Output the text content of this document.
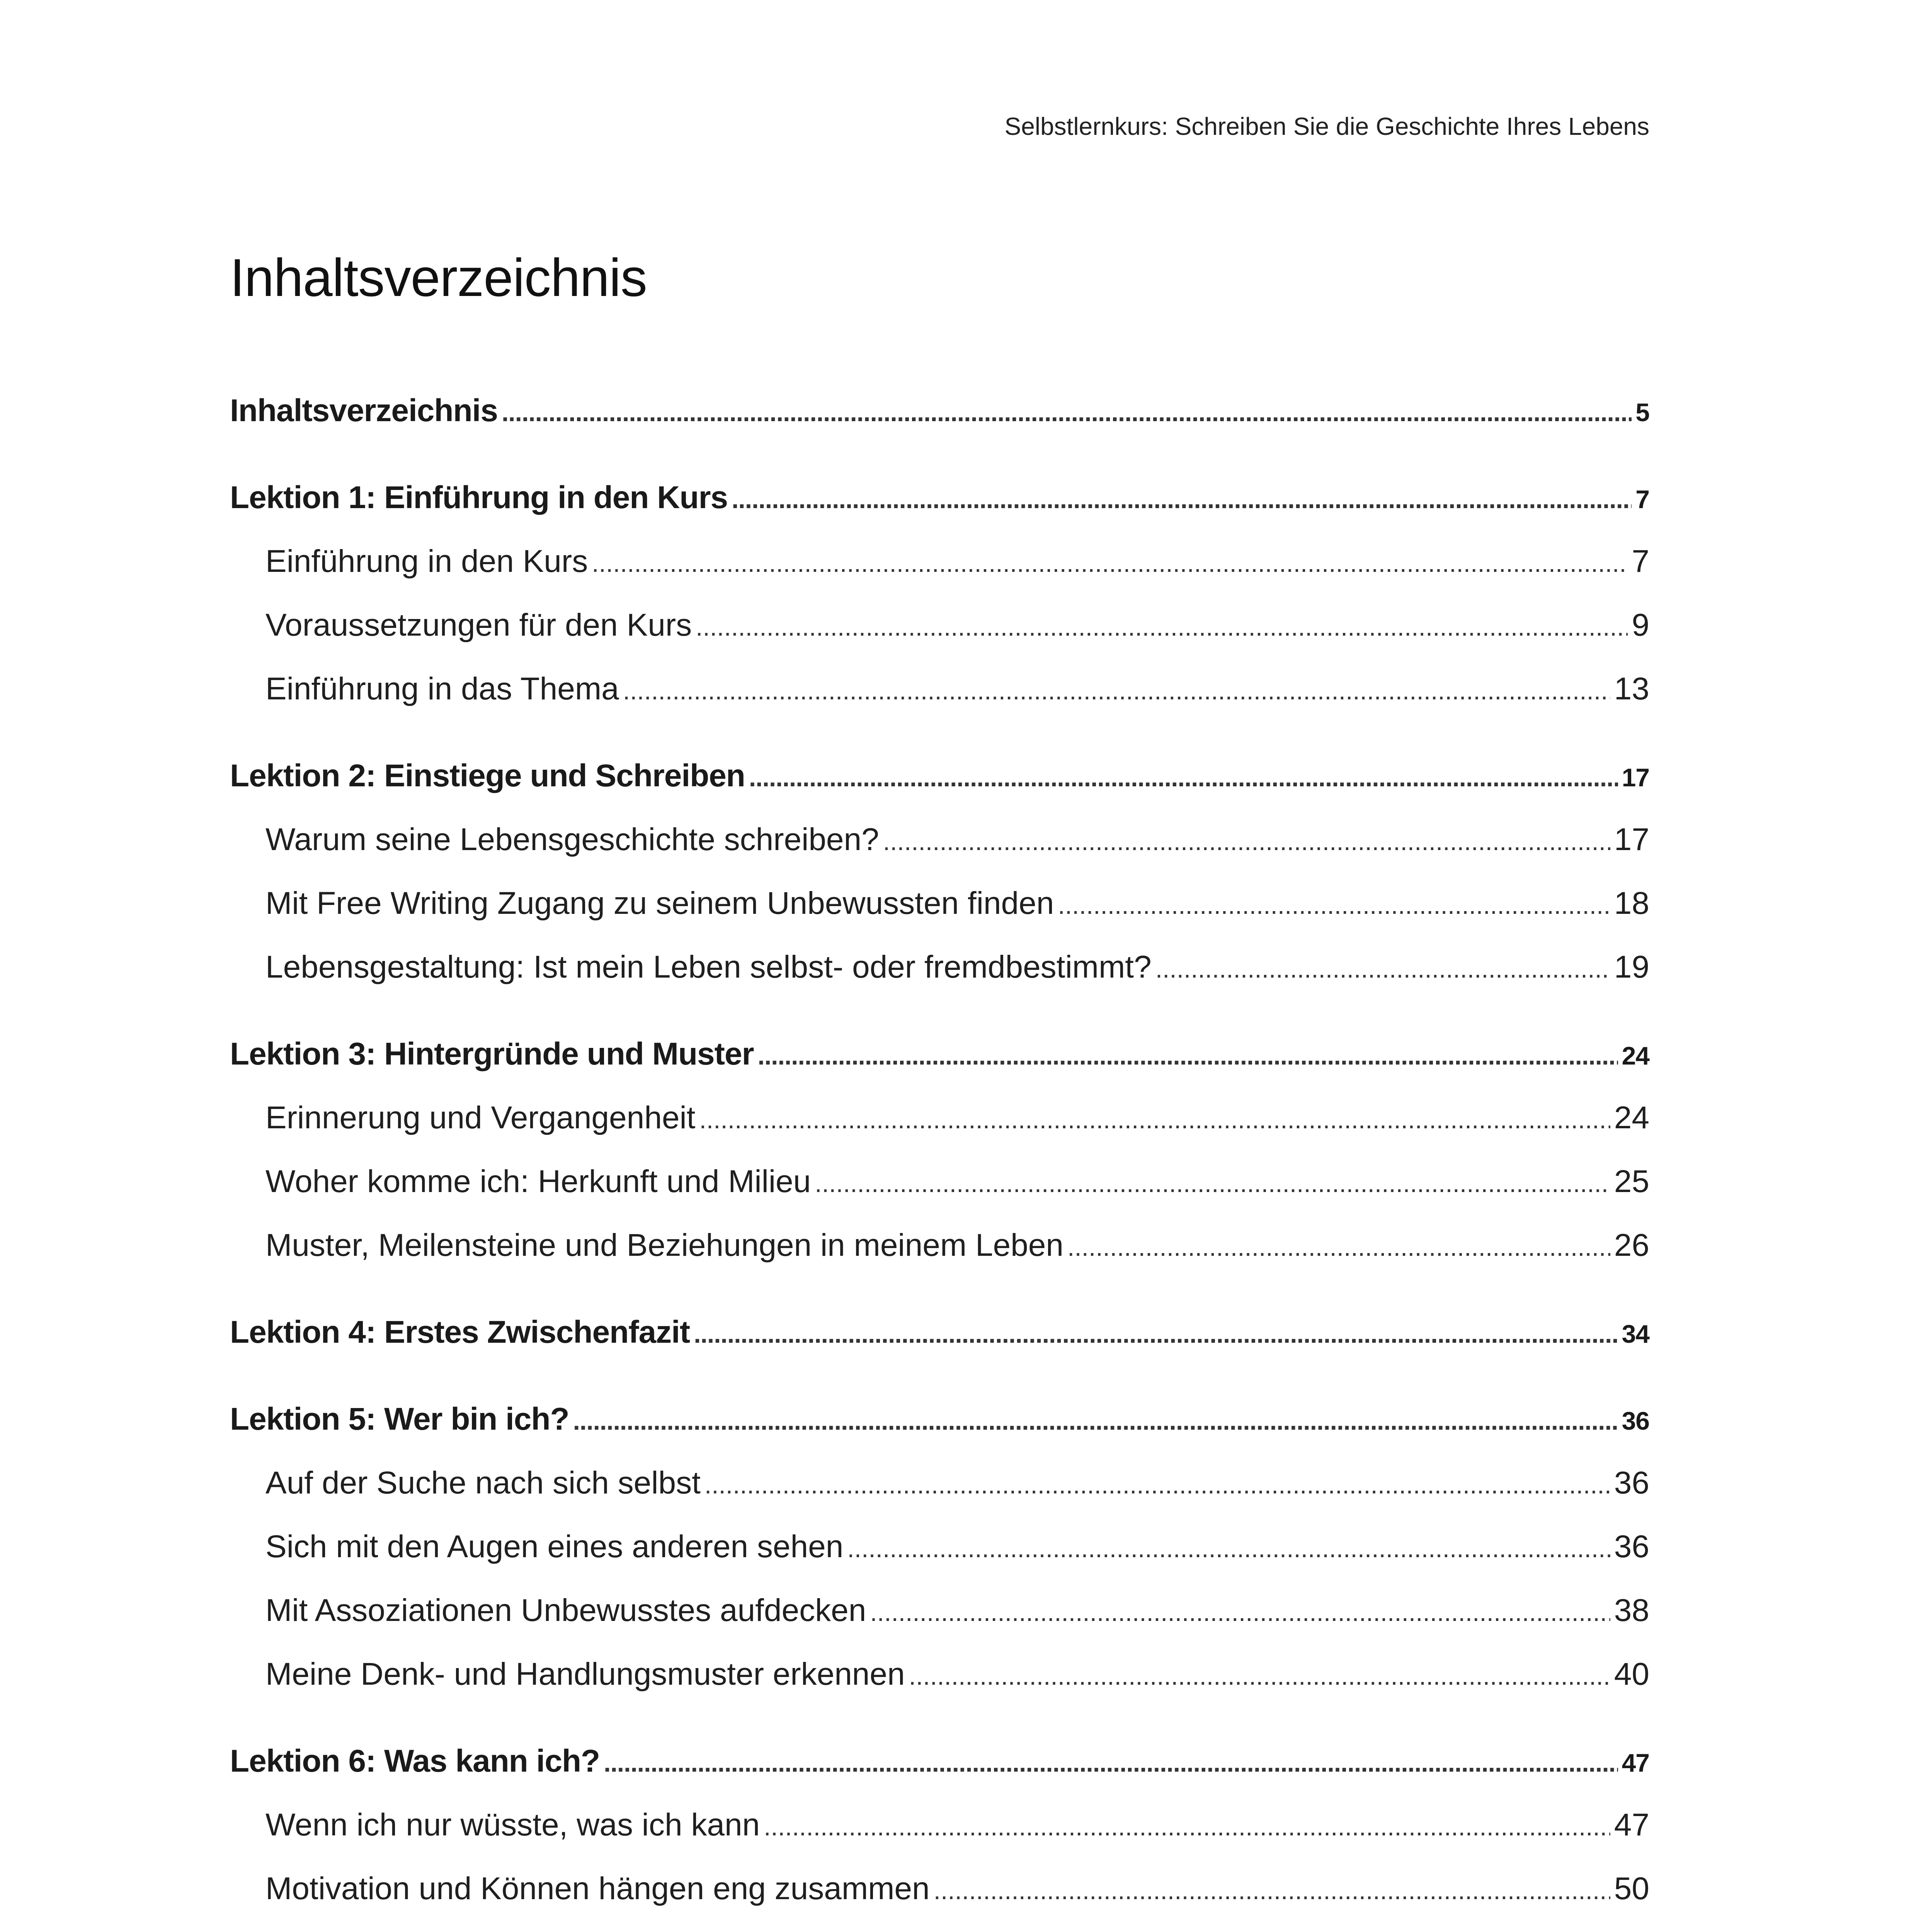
Selbstlernkurs: Schreiben Sie die Geschichte Ihres Lebens
Inhaltsverzeichnis
Inhaltsverzeichnis .....	5
Lektion 1: Einführung in den Kurs .....	7
Einführung in den Kurs .....	7
Voraussetzungen für den Kurs .....	9
Einführung in das Thema .....	13
Lektion 2: Einstiege und Schreiben .....	17
Warum seine Lebensgeschichte schreiben? .....	17
Mit Free Writing Zugang zu seinem Unbewussten finden .....	18
Lebensgestaltung: Ist mein Leben selbst- oder fremdbestimmt? .....	19
Lektion 3: Hintergründe und Muster .....	24
Erinnerung und Vergangenheit .....	24
Woher komme ich: Herkunft und Milieu .....	25
Muster, Meilensteine und Beziehungen in meinem Leben .....	26
Lektion 4: Erstes Zwischenfazit .....	34
Lektion 5: Wer bin ich? .....	36
Auf der Suche nach sich selbst .....	36
Sich mit den Augen eines anderen sehen .....	36
Mit Assoziationen Unbewusstes aufdecken .....	38
Meine Denk- und Handlungsmuster erkennen .....	40
Lektion 6: Was kann ich? .....	47
Wenn ich nur wüsste, was ich kann .....	47
Motivation und Können hängen eng zusammen .....	50
.....
